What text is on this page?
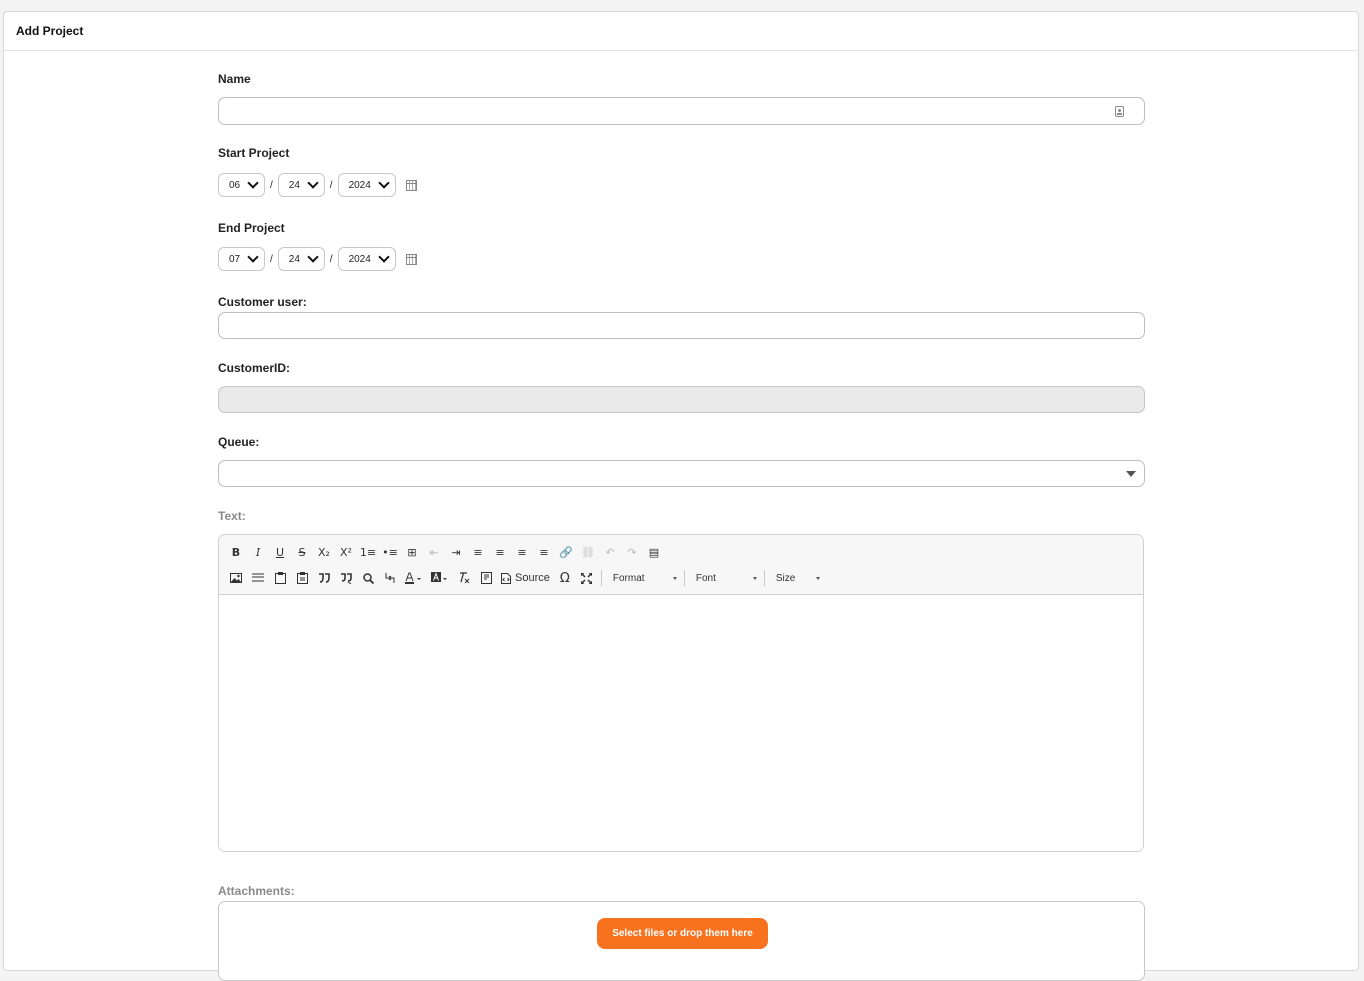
Add Project
Name
Start Project
06	/ 24	/ 2024
End Project
07	/ 24	/ 2024
Customer user:
CustomerID:
Queue:
Text:
B	I	U	S	X₂ X² 1≡ •≡ ⊞	⇤	⇥	≡	≡	≡	≡ 🔗 ⛓ ↶	↷	▤
Source Ω	Format	Font	Size
Attachments:
Select files or drop them here
